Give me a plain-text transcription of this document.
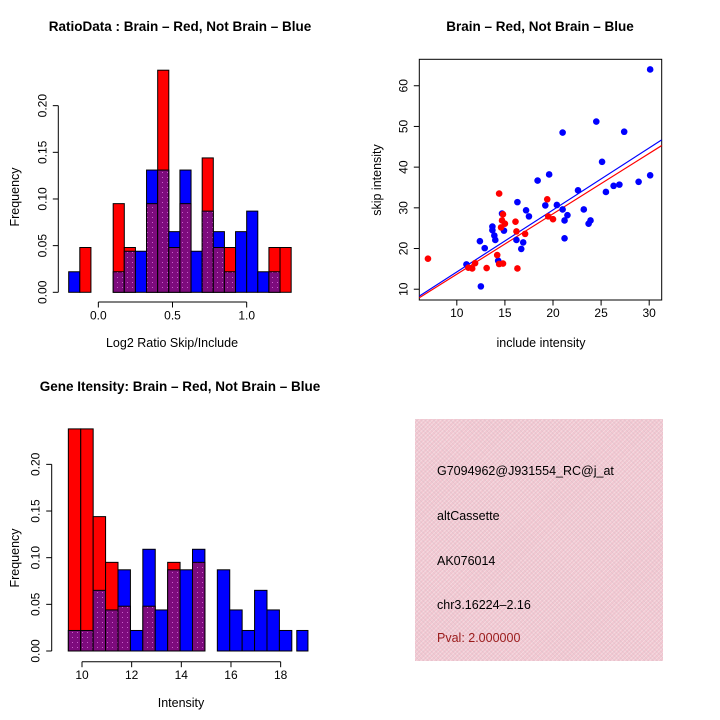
RatioData : Brain – Red, Not Brain – Blue
0.0	0.5	1.0
0.00
0.05
0.10
0.15
0.20
Log2 Ratio Skip/Include
Frequency
Brain – Red, Not Brain – Blue
10	15	20	25	30
10
20
30
40
50
60
include intensity
skip intensity
Gene Itensity: Brain – Red, Not Brain – Blue
10	12	14	16	18
0.00
0.05
0.10
0.15
0.20
Intensity
Frequency
G7094962@J931554_RC@j_at
altCassette
AK076014
chr3.16224–2.16
Pval: 2.000000
